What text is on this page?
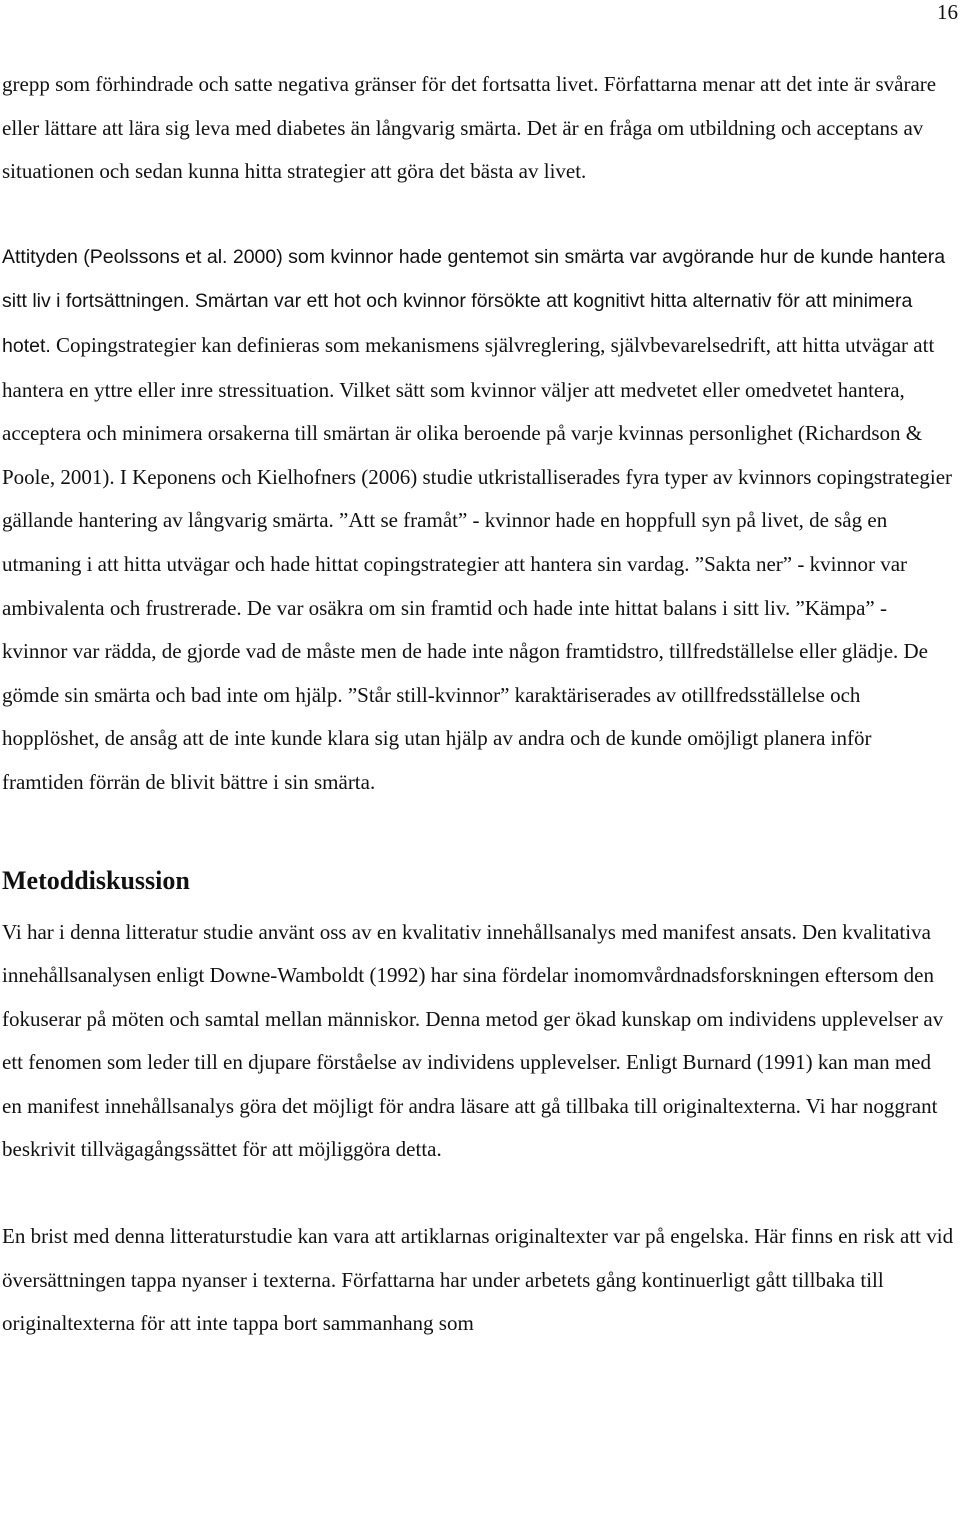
16

grepp som förhindrade och satte negativa gränser för det fortsatta livet. Författarna menar att det inte är svårare eller lättare att lära sig leva med diabetes än långvarig smärta. Det är en fråga om utbildning och acceptans av situationen och sedan kunna hitta strategier att göra det bästa av livet.

Attityden (Peolssons et al. 2000) som kvinnor hade gentemot sin smärta var avgörande hur de kunde hantera sitt liv i fortsättningen. Smärtan var ett hot och kvinnor försökte att kognitivt hitta alternativ för att minimera hotet. Copingstrategier kan definieras som mekanismens självreglering, självbevarelsedrift, att hitta utvägar att hantera en yttre eller inre stressituation. Vilket sätt som kvinnor väljer att medvetet eller omedvetet hantera, acceptera och minimera orsakerna till smärtan är olika beroende på varje kvinnas personlighet (Richardson & Poole, 2001). I Keponens och Kielhofners (2006) studie utkristalliserades fyra typer av kvinnors copingstrategier gällande hantering av långvarig smärta. ”Att se framåt” - kvinnor hade en hoppfull syn på livet, de såg en utmaning i att hitta utvägar och hade hittat copingstrategier att hantera sin vardag. ”Sakta ner” - kvinnor var ambivalenta och frustrerade. De var osäkra om sin framtid och hade inte hittat balans i sitt liv. ”Kämpa” - kvinnor var rädda, de gjorde vad de måste men de hade inte någon framtidstro, tillfredställelse eller glädje. De gömde sin smärta och bad inte om hjälp. ”Står still-kvinnor” karaktäriserades av otillfredsställelse och hopplöshet, de ansåg att de inte kunde klara sig utan hjälp av andra och de kunde omöjligt planera inför framtiden förrän de blivit bättre i sin smärta.

Metoddiskussion

Vi har i denna litteratur studie använt oss av en kvalitativ innehållsanalys med manifest ansats. Den kvalitativa innehållsanalysen enligt Downe-Wamboldt (1992) har sina fördelar inomomvårdnadsforskningen eftersom den fokuserar på möten och samtal mellan människor. Denna metod ger ökad kunskap om individens upplevelser av ett fenomen som leder till en djupare förståelse av individens upplevelser. Enligt Burnard (1991) kan man med en manifest innehållsanalys göra det möjligt för andra läsare att gå tillbaka till originaltexterna. Vi har noggrant beskrivit tillvägagångssättet för att möjliggöra detta.

En brist med denna litteraturstudie kan vara att artiklarnas originaltexter var på engelska. Här finns en risk att vid översättningen tappa nyanser i texterna. Författarna har under arbetets gång kontinuerligt gått tillbaka till originaltexterna för att inte tappa bort sammanhang som
